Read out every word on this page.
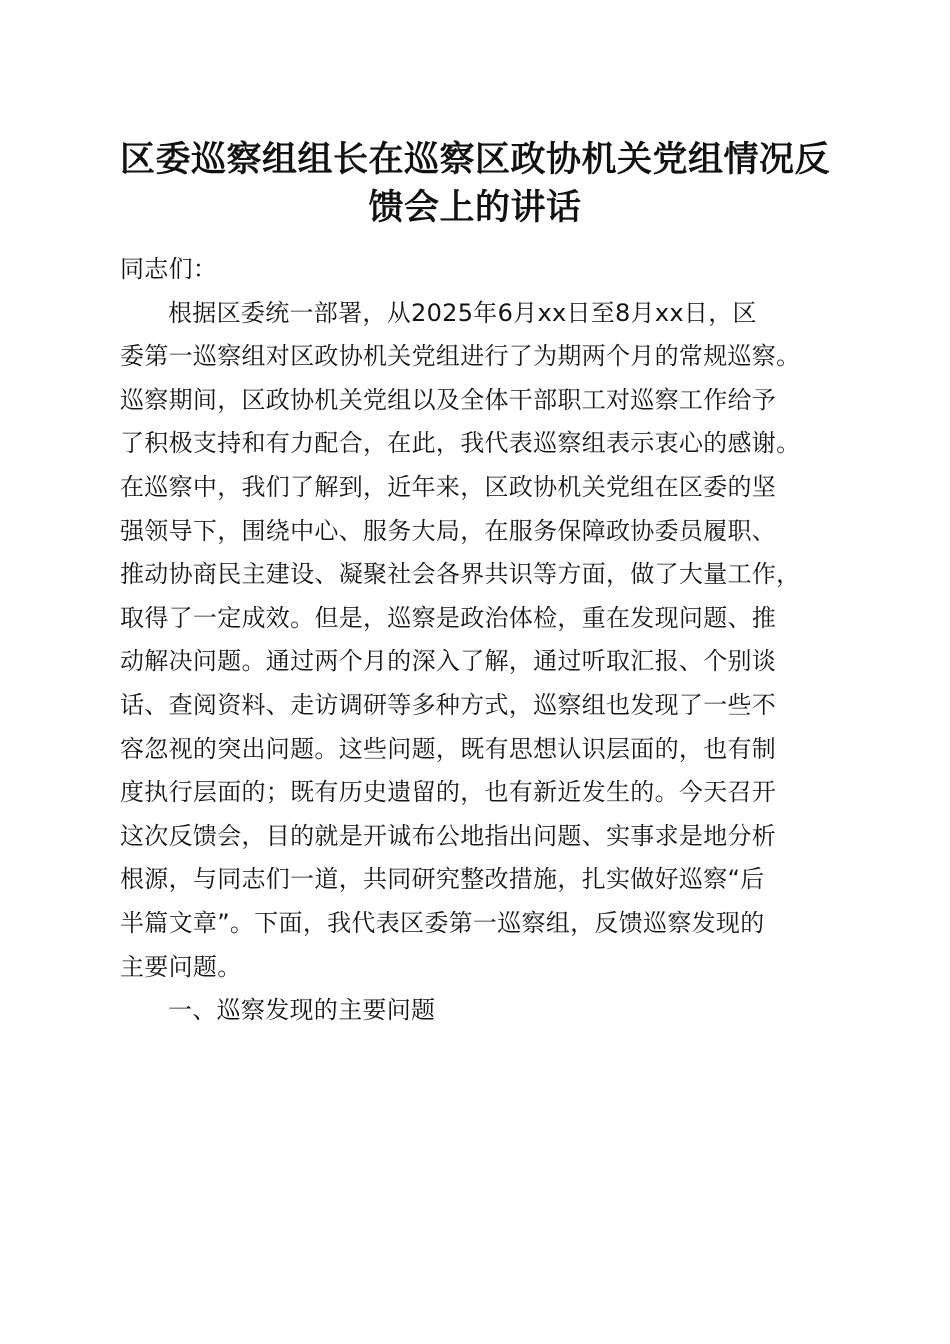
区委巡察组组长在巡察区政协机关党组情况反
馈会上的讲话

同志们：

根据区委统一部署，从2025年6月xx日至8月xx日，区
委第一巡察组对区政协机关党组进行了为期两个月的常规巡察。
巡察期间，区政协机关党组以及全体干部职工对巡察工作给予
了积极支持和有力配合，在此，我代表巡察组表示衷心的感谢。
在巡察中，我们了解到，近年来，区政协机关党组在区委的坚
强领导下，围绕中心、服务大局，在服务保障政协委员履职、
推动协商民主建设、凝聚社会各界共识等方面，做了大量工作，
取得了一定成效。但是，巡察是政治体检，重在发现问题、推
动解决问题。通过两个月的深入了解，通过听取汇报、个别谈
话、查阅资料、走访调研等多种方式，巡察组也发现了一些不
容忽视的突出问题。这些问题，既有思想认识层面的，也有制
度执行层面的；既有历史遗留的，也有新近发生的。今天召开
这次反馈会，目的就是开诚布公地指出问题、实事求是地分析
根源，与同志们一道，共同研究整改措施，扎实做好巡察“后
半篇文章”。下面，我代表区委第一巡察组，反馈巡察发现的
主要问题。
一、巡察发现的主要问题
